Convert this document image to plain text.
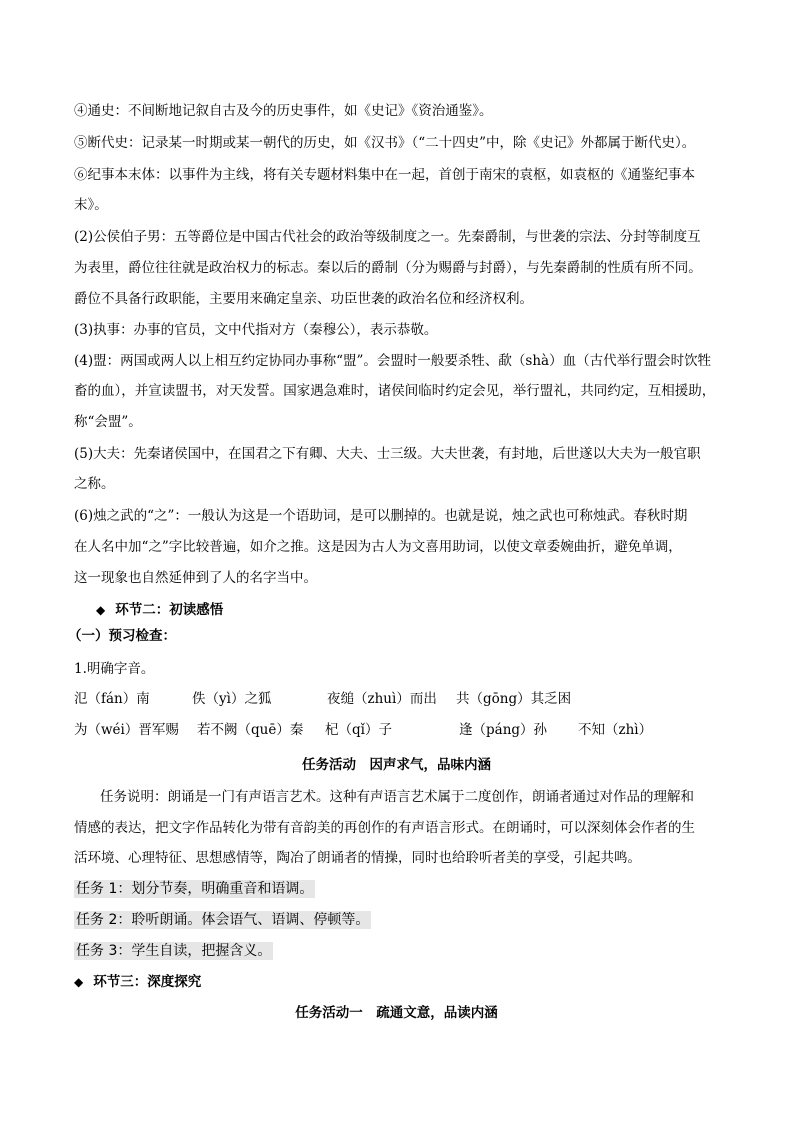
④通史：不间断地记叙自古及今的历史事件，如《史记》《资治通鉴》。
⑤断代史：记录某一时期或某一朝代的历史，如《汉书》（“二十四史”中，除《史记》外都属于断代史）。
⑥纪事本末体：以事件为主线，将有关专题材料集中在一起，首创于南宋的袁枢，如袁枢的《通鉴纪事本
末》。
(2)公侯伯子男：五等爵位是中国古代社会的政治等级制度之一。先秦爵制，与世袭的宗法、分封等制度互
为表里，爵位往往就是政治权力的标志。秦以后的爵制（分为赐爵与封爵），与先秦爵制的性质有所不同。
爵位不具备行政职能，主要用来确定皇亲、功臣世袭的政治名位和经济权利。
(3)执事：办事的官员，文中代指对方（秦穆公），表示恭敬。
(4)盟：两国或两人以上相互约定协同办事称“盟”。会盟时一般要杀牲、歃（shà）血（古代举行盟会时饮牲
畜的血），并宣读盟书，对天发誓。国家遇急难时，诸侯间临时约定会见，举行盟礼，共同约定，互相援助，
称“会盟”。
(5)大夫：先秦诸侯国中，在国君之下有卿、大夫、士三级。大夫世袭，有封地，后世遂以大夫为一般官职
之称。
(6)烛之武的“之”：一般认为这是一个语助词，是可以删掉的。也就是说，烛之武也可称烛武。春秋时期
在人名中加“之”字比较普遍，如介之推。这是因为古人为文喜用助词，以使文章委婉曲折，避免单调，
这一现象也自然延伸到了人的名字当中。
◆ 环节二：初读感悟
（一）预习检查：
1.明确字音。
氾（fán）南	佚（yì）之狐	夜缒（zhuì）而出 共（gōng）其乏困
为（wéi）晋军赐 若不阙（quē）秦 杞（qǐ）子	逢（páng）孙 不知（zhì）
任务活动　因声求气，品味内涵
任务说明：朗诵是一门有声语言艺术。这种有声语言艺术属于二度创作，朗诵者通过对作品的理解和
情感的表达，把文字作品转化为带有音韵美的再创作的有声语言形式。在朗诵时，可以深刻体会作者的生
活环境、心理特征、思想感情等，陶冶了朗诵者的情操，同时也给聆听者美的享受，引起共鸣。
任务 1：划分节奏，明确重音和语调。
任务 2：聆听朗诵。体会语气、语调、停顿等。
任务 3：学生自读，把握含义。
◆ 环节三：深度探究
任务活动一　疏通文意，品读内涵
